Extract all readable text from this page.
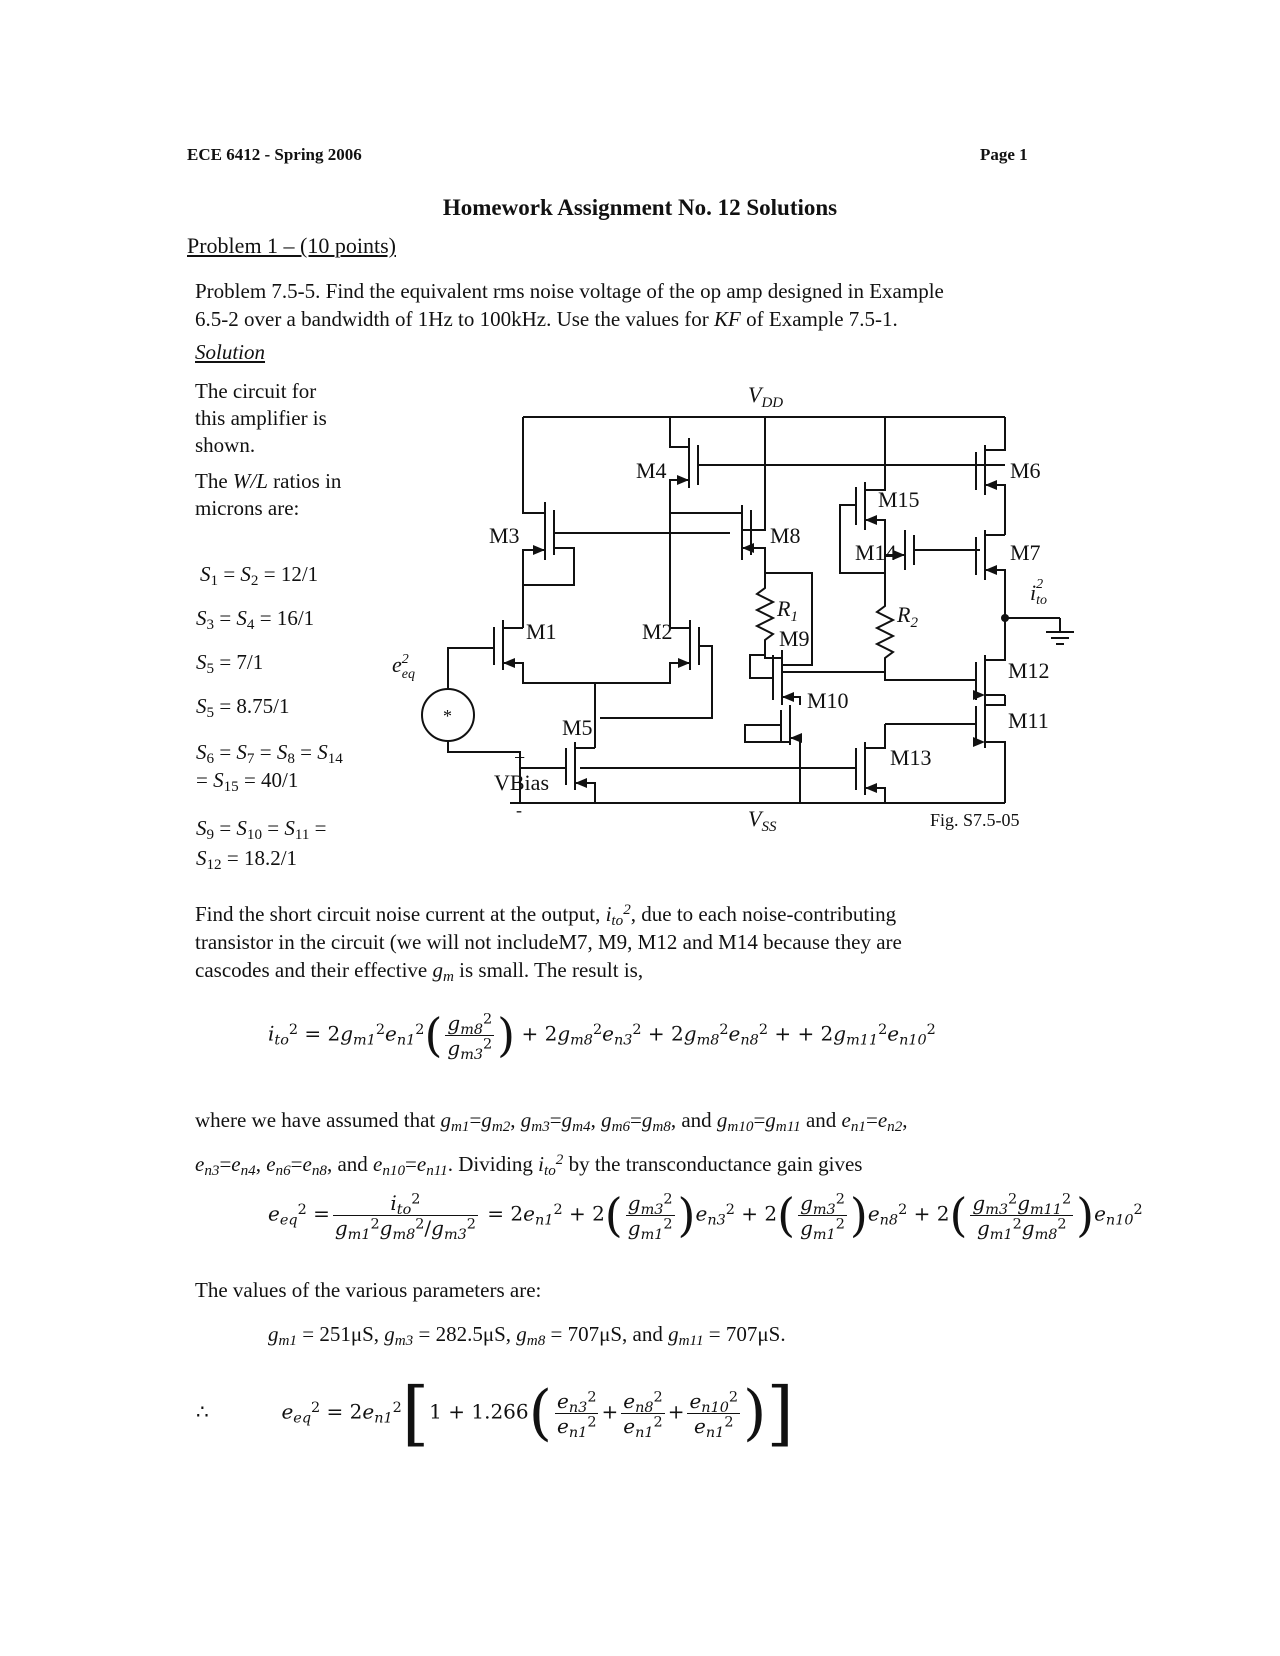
ECE 6412 - Spring 2006	Page 1
Homework Assignment No. 12 Solutions
Problem 1 – (10 points)
Problem 7.5-5. Find the equivalent rms noise voltage of the op amp designed in Example
6.5-2 over a bandwidth of 1Hz to 100kHz. Use the values for KF of Example 7.5-1.
Solution
The circuit for
this amplifier is
shown.
The W/L ratios in
microns are:
$S_1 = S_2 = 12/1$
$S_3 = S_4 = 16/1$
$S_5 = 7/1$
$S_5 = 8.75/1$
$S_6 = S_7 = S_8 = S_{14}$
= $S_{15} = 40/1$
$S_9 = S_{10} = S_{11}$ =
$S_{12} = 18.2/1$
$V_{DD}$
$V_{SS}$
M4
M3	M8
M15
M14
M6
M7
M1	M2
$R_1$	$R_2$
M9
M10
M12
M11
M13
M5
+
VBias
-
*
$e^2$ eq
$i^2$ to
Fig. S7.5-05
Find the short circuit noise current at the output, $i_{to}^2$, due to each noise-contributing
transistor in the circuit (we will not includeM7, M9, M12 and M14 because they are
cascodes and their effective $g_m$ is small. The result is,
$i_{to}^2 = 2g_{m1}^2e_{n1}^2( \frac{g_{m8}^2}{g_{m3}^2}$ ) + $2g_{m8}^2e_{n3}^2 + 2g_{m8}^2e_{n8}^2$ + + $2g_{m11}^2e_{n10}^2$
where we have assumed that $g_{m1}=g_{m2}$, $g_{m3}=g_{m4}$, $g_{m6}=g_{m8}$, and $g_{m10}=g_{m11}$ and $e_{n1}=e_{n2}$,
$e_{n3}=e_{n4}$, $e_{n6}=e_{n8}$, and $e_{n10}=e_{n11}$. Dividing $i_{to}^2$ by the transconductance gain gives
$e_{eq}^2 = \frac{i_{to}^2}{g_{m1}^2g_{m8}^2/g_{m3}^2} = 2e_{n1}^2 + 2( \frac{g_{m3}^2}{g_{m1}^2} )e_{n3}^2 + 2( \frac{g_{m3}^2}{g_{m1}^2} )e_{n8}^2 + 2( \frac{g_{m3}^2g_{m11}^2}{g_{m1}^2g_{m8}^2} )e_{n10}^2$
The values of the various parameters are:
$g_{m1} = 251\mu S$, $g_{m3} = 282.5\mu S$, $g_{m8} = 707\mu S$, and $g_{m11} = 707\mu S$.
∴	$e_{eq}^2 = 2e_{n1}^2[1 + 1.266( \frac{e_{n3}^2}{e_{n1}^2} + \frac{e_{n8}^2}{e_{n1}^2} + \frac{e_{n10}^2}{e_{n1}^2}$ )]
